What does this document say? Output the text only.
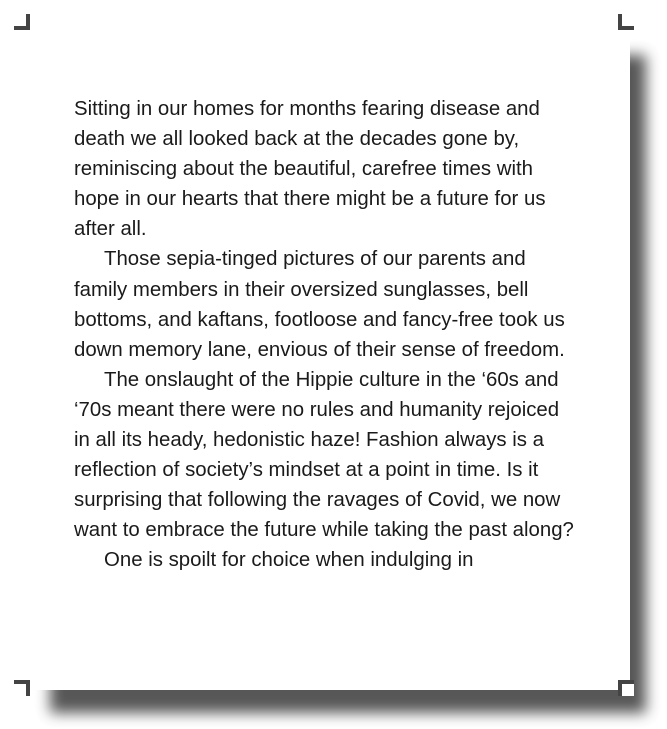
Sitting in our homes for months fearing disease and death we all looked back at the decades gone by, reminiscing about the beautiful, carefree times with hope in our hearts that there might be a future for us after all.

Those sepia-tinged pictures of our parents and family members in their oversized sunglasses, bell bottoms, and kaftans, footloose and fancy-free took us down memory lane, envious of their sense of freedom.

The onslaught of the Hippie culture in the ‘60s and ‘70s meant there were no rules and humanity rejoiced in all its heady, hedonistic haze! Fashion always is a reflection of society’s mindset at a point in time. Is it surprising that following the ravages of Covid, we now want to embrace the future while taking the past along?

One is spoilt for choice when indulging in
